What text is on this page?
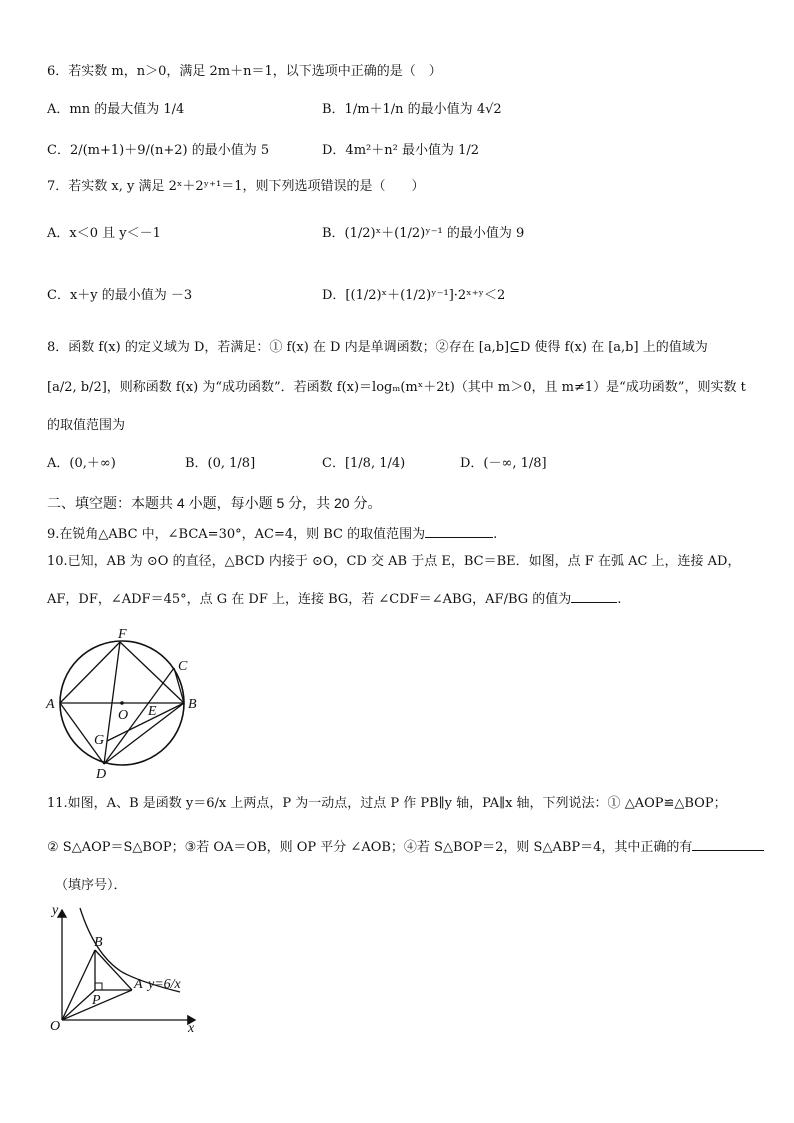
6．若实数 m，n＞0，满足 2m＋n＝1，以下选项中正确的是（　）
A．mn 的最大值为 1/4	B．1/m＋1/n 的最小值为 4√2
C．2/(m+1)＋9/(n+2) 的最小值为 5	D．4m²＋n² 最小值为 1/2
7．若实数 x, y 满足 2ˣ＋2ʸ⁺¹＝1，则下列选项错误的是（　　）
A．x＜0 且 y＜－1	B．(1/2)ˣ＋(1/2)ʸ⁻¹ 的最小值为 9
C．x＋y 的最小值为 －3	D．[(1/2)ˣ＋(1/2)ʸ⁻¹]·2ˣ⁺ʸ＜2
8．函数 f(x) 的定义域为 D，若满足：① f(x) 在 D 内是单调函数；②存在 [a,b]⊆D 使得 f(x) 在 [a,b] 上的值域为
[a/2, b/2]，则称函数 f(x) 为“成功函数”．若函数 f(x)＝logₘ(mˣ＋2t)（其中 m＞0，且 m≠1）是“成功函数”，则实数 t
的取值范围为
A．(0,＋∞)	B．(0, 1/8]	C．[1/8, 1/4)	D．(－∞, 1/8]
二、填空题：本题共 4 小题，每小题 5 分，共 20 分。
9.在锐角△ABC 中，∠BCA=30°，AC=4，则 BC 的取值范围为	.
10.已知，AB 为 ⊙O 的直径，△BCD 内接于 ⊙O，CD 交 AB 于点 E，BC＝BE．如图，点 F 在弧 AC 上，连接 AD，
AF，DF，∠ADF＝45°，点 G 在 DF 上，连接 BG，若 ∠CDF＝∠ABG，AF/BG 的值为	.
A	B
C
D
E
F
G
O
11.如图，A、B 是函数 y＝6/x 上两点，P 为一动点，过点 P 作 PB∥y 轴，PA∥x 轴，下列说法：① △AOP≌△BOP；
② S△AOP＝S△BOP；③若 OA＝OB，则 OP 平分 ∠AOB；④若 S△BOP＝2，则 S△ABP＝4，其中正确的有
（填序号）．
y
x
O
A
B
P
y=6/x
